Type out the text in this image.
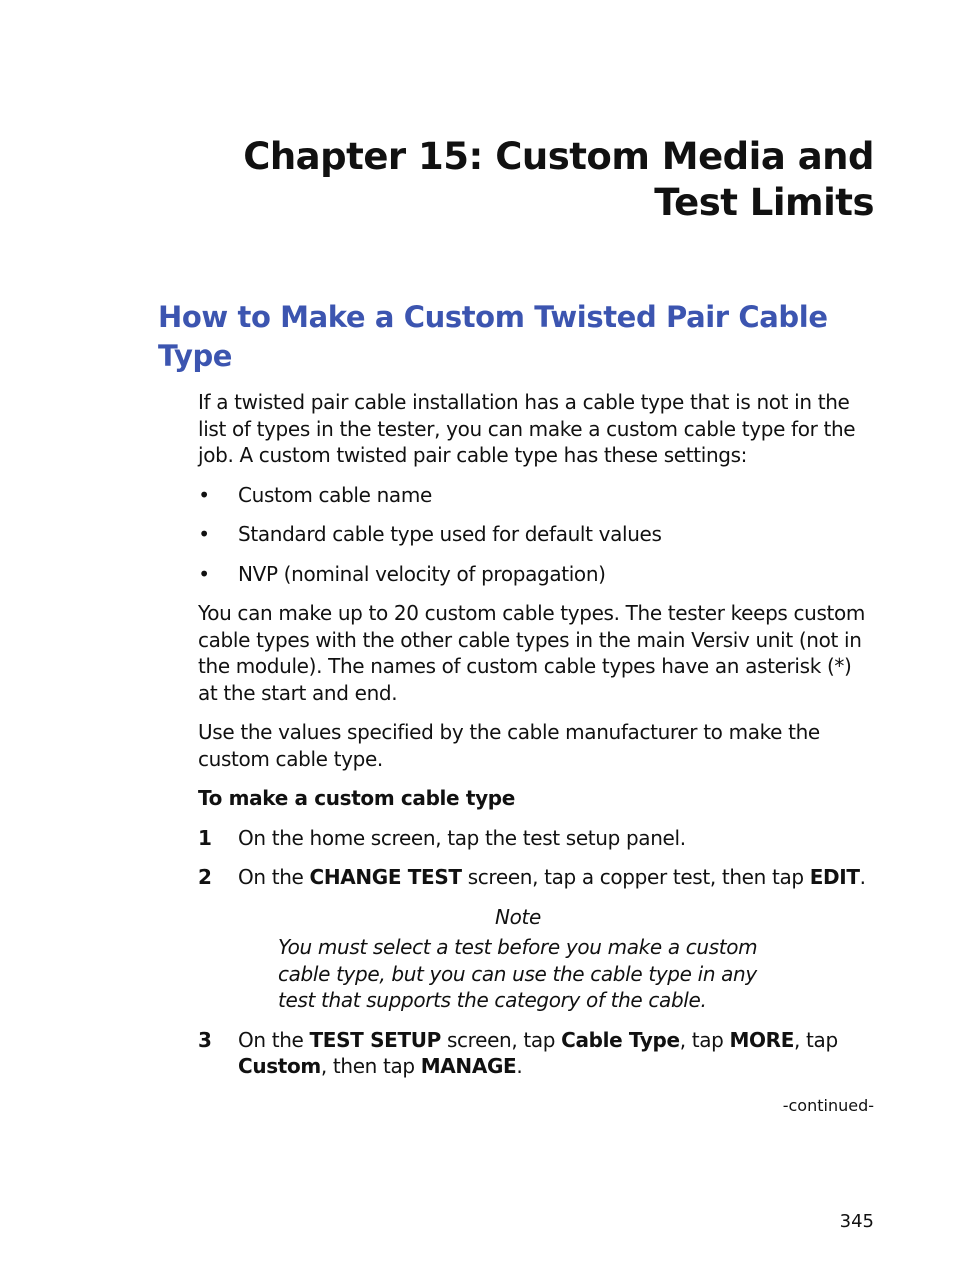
Chapter 15: Custom Media and Test Limits
How to Make a Custom Twisted Pair Cable Type

If a twisted pair cable installation has a cable type that is not in the list of types in the tester, you can make a custom cable type for the job. A custom twisted pair cable type has these settings:

• Custom cable name
• Standard cable type used for default values
• NVP (nominal velocity of propagation)

You can make up to 20 custom cable types. The tester keeps custom cable types with the other cable types in the main Versiv unit (not in the module). The names of custom cable types have an asterisk (*) at the start and end.

Use the values specified by the cable manufacturer to make the custom cable type.

To make a custom cable type

1 On the home screen, tap the test setup panel.
2 On the CHANGE TEST screen, tap a copper test, then tap EDIT.
Note
You must select a test before you make a custom cable type, but you can use the cable type in any test that supports the category of the cable.
3 On the TEST SETUP screen, tap Cable Type, tap MORE, tap Custom, then tap MANAGE.
-continued-
345
